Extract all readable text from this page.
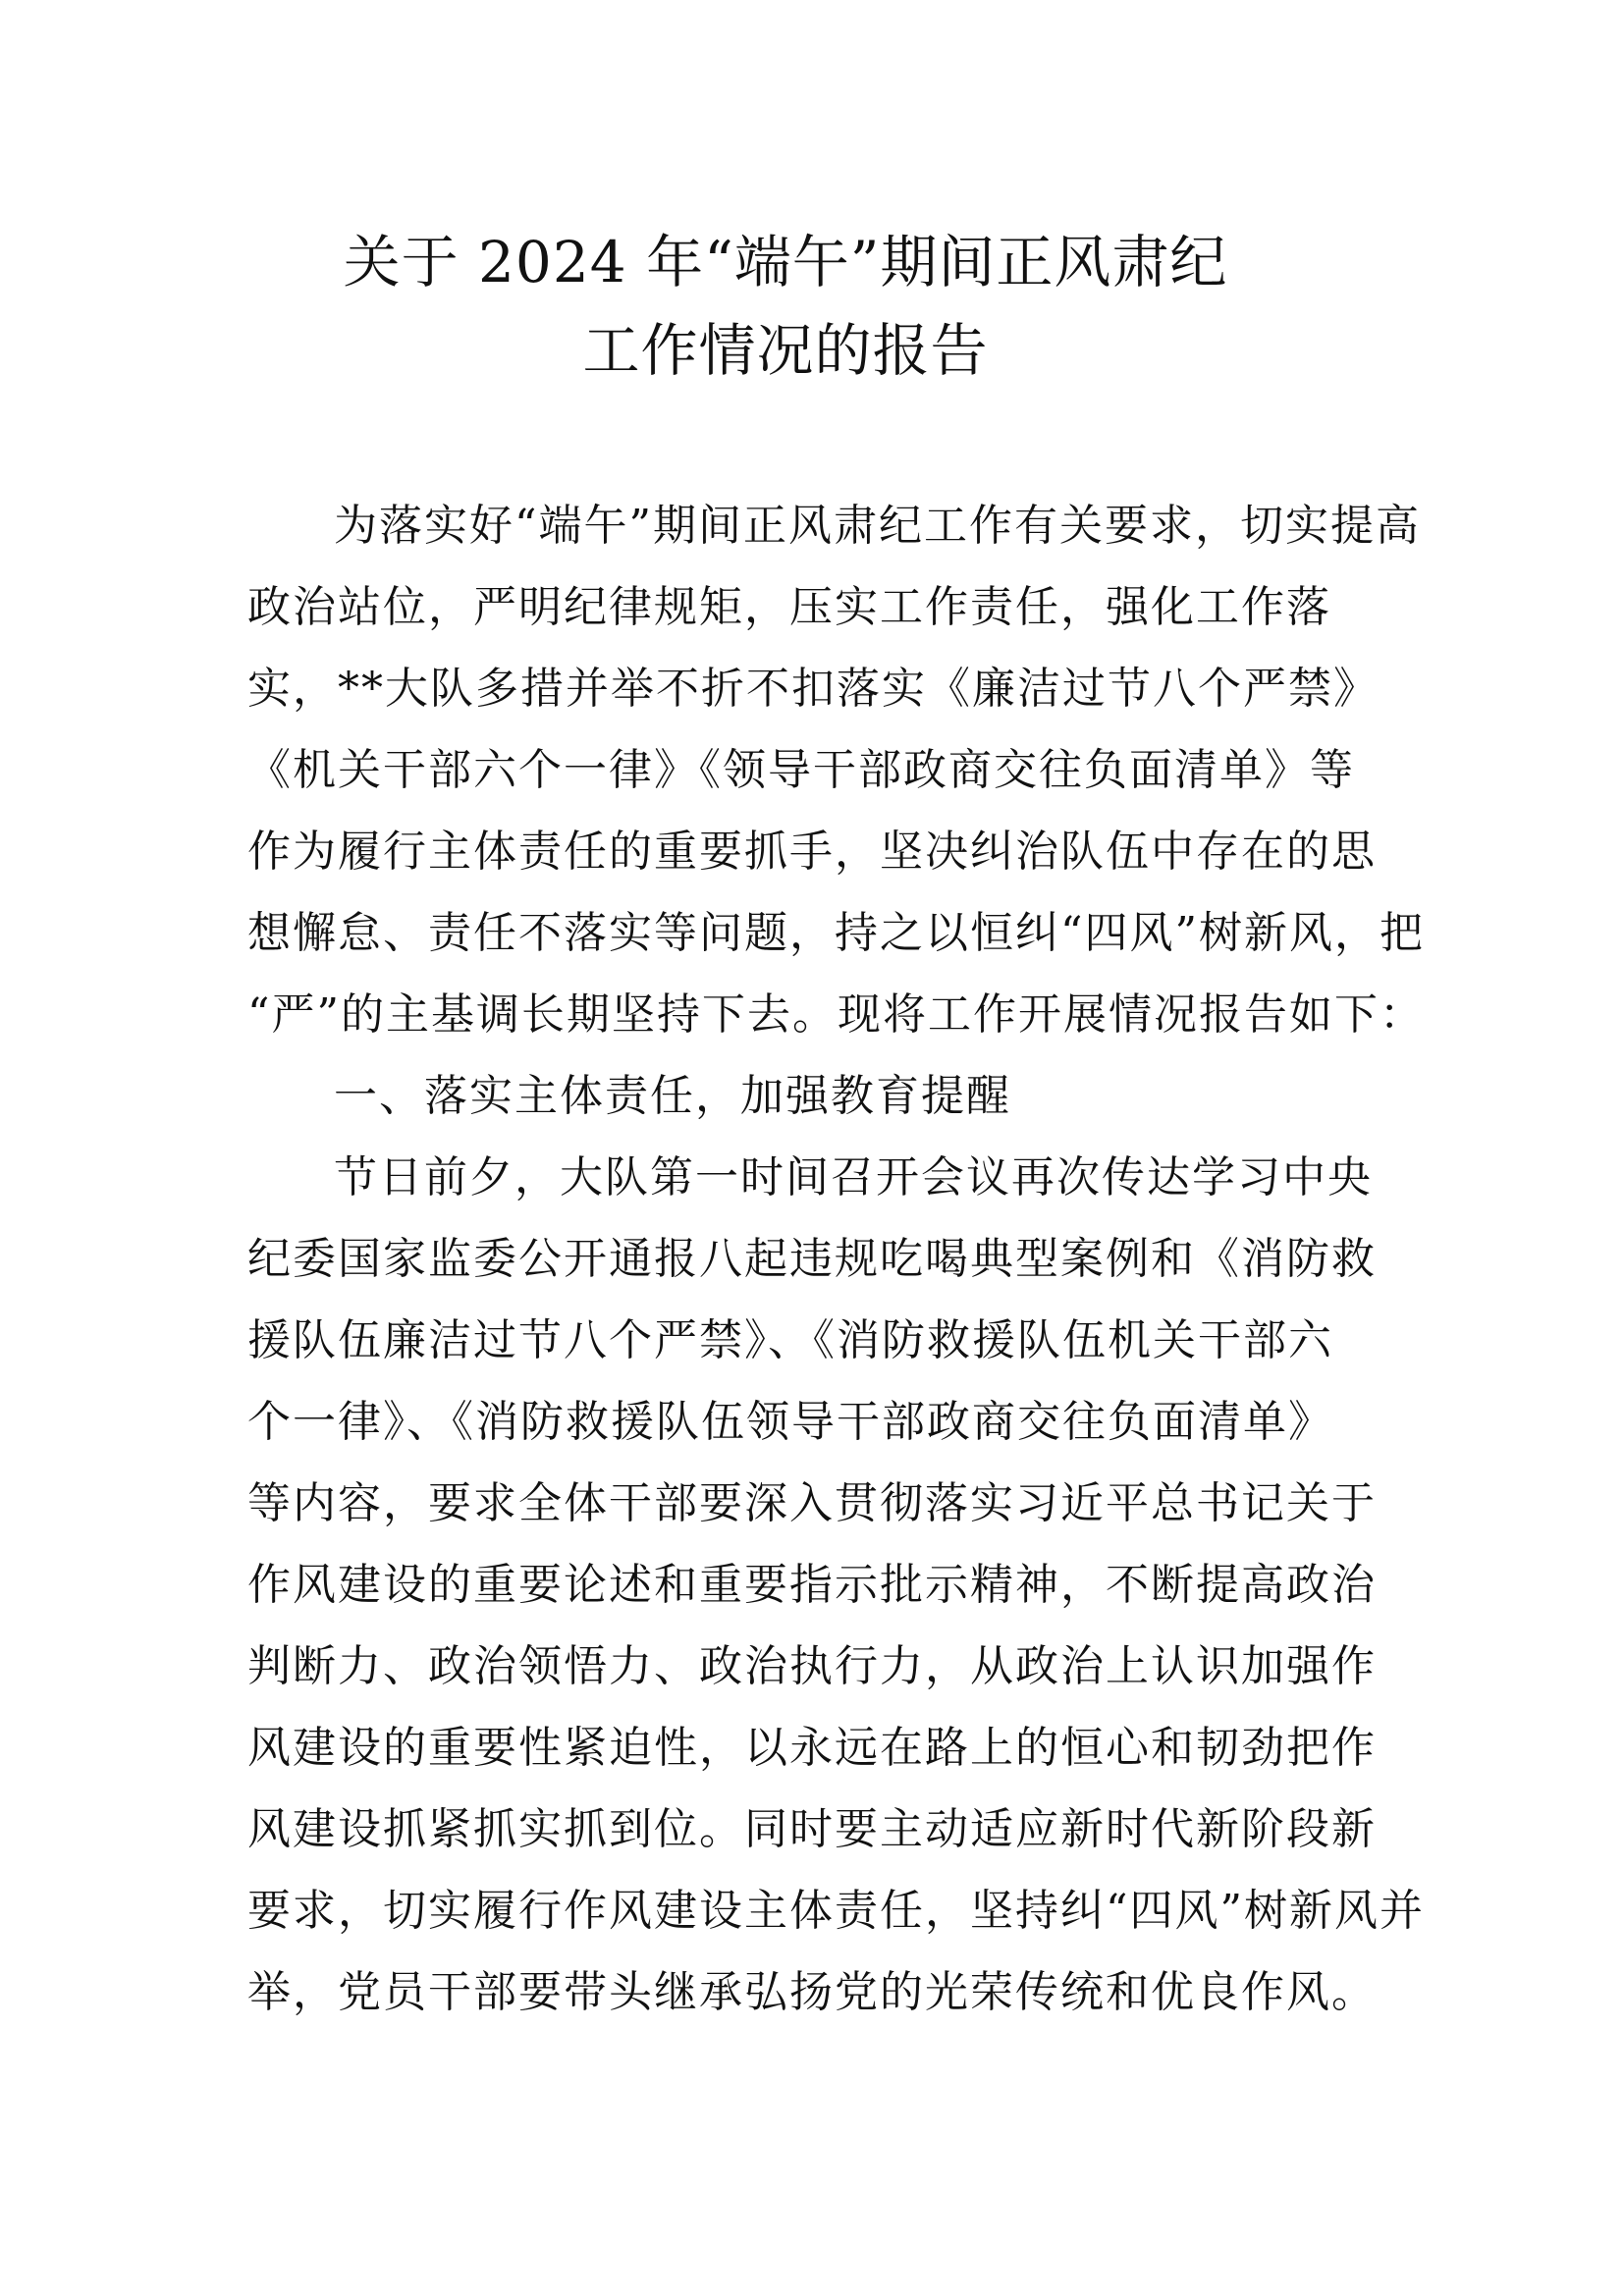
关于 2024 年“端午”期间正风肃纪
工作情况的报告
为落实好“端午”期间正风肃纪工作有关要求，切实提高
政治站位，严明纪律规矩，压实工作责任，强化工作落
实，**大队多措并举不折不扣落实《廉洁过节八个严禁》
《机关干部六个一律》《领导干部政商交往负面清单》等
作为履行主体责任的重要抓手，坚决纠治队伍中存在的思
想懈怠、责任不落实等问题，持之以恒纠“四风”树新风，把
“严”的主基调长期坚持下去。现将工作开展情况报告如下：
一、落实主体责任，加强教育提醒
节日前夕，大队第一时间召开会议再次传达学习中央
纪委国家监委公开通报八起违规吃喝典型案例和《消防救
援队伍廉洁过节八个严禁》、《消防救援队伍机关干部六
个一律》、《消防救援队伍领导干部政商交往负面清单》
等内容，要求全体干部要深入贯彻落实习近平总书记关于
作风建设的重要论述和重要指示批示精神，不断提高政治
判断力、政治领悟力、政治执行力，从政治上认识加强作
风建设的重要性紧迫性，以永远在路上的恒心和韧劲把作
风建设抓紧抓实抓到位。同时要主动适应新时代新阶段新
要求，切实履行作风建设主体责任，坚持纠“四风”树新风并
举，党员干部要带头继承弘扬党的光荣传统和优良作风。
